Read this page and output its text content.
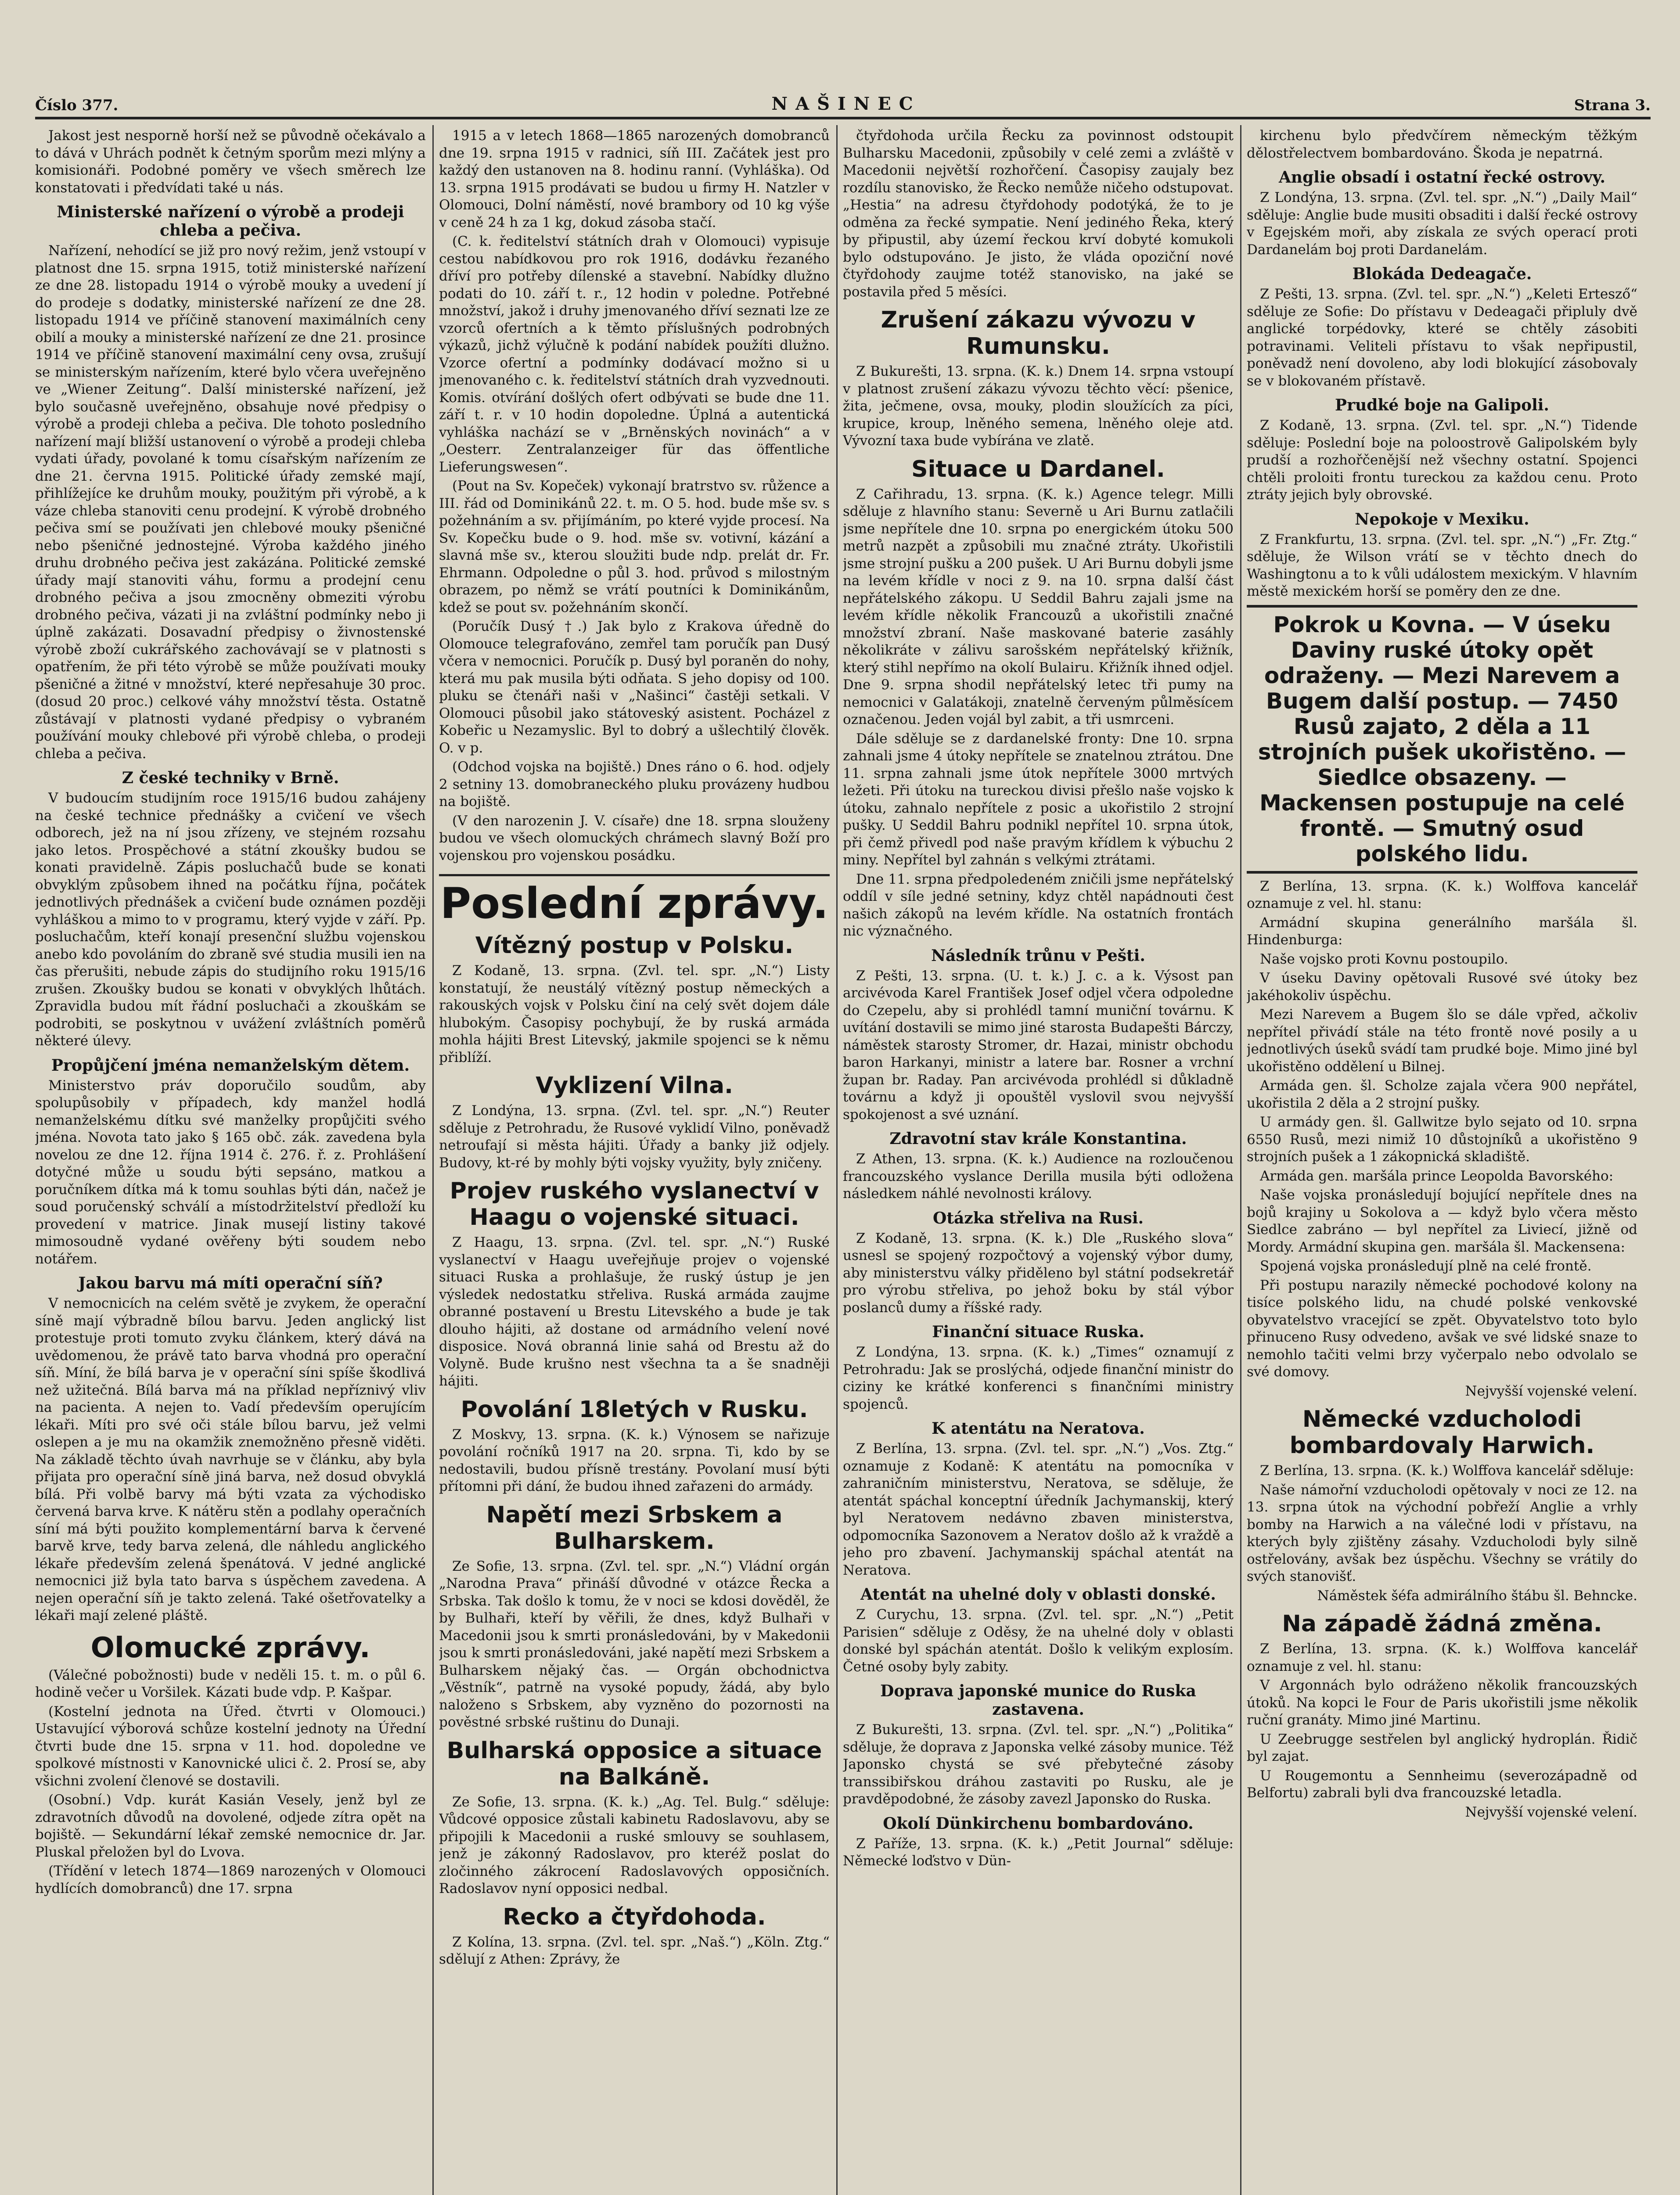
Číslo 377.	NAŠINEC	Strana 3.

Jakost jest nesporně horší než se původně očekávalo a to dává v Uhrách podnět k četným sporům mezi mlýny a komisionáři. Podobné poměry ve všech směrech lze konstatovati i předvídati také u nás.

Ministerské nařízení o výrobě a prodeji chleba a pečiva.

Nařízení, nehodící se již pro nový režim, jenž vstoupí v platnost dne 15. srpna 1915, totiž ministerské nařízení ze dne 28. listopadu 1914 o výrobě mouky a uvedení jí do prodeje s dodatky, ministerské nařízení ze dne 28. listopadu 1914 ve příčině stanovení maximálních ceny obilí a mouky a ministerské nařízení ze dne 21. prosince 1914 ve příčině stanovení maximální ceny ovsa, zrušují se ministerským nařízením, které bylo včera uveřejněno ve „Wiener Zeitung“. Další ministerské nařízení, jež bylo současně uveřejněno, obsahuje nové předpisy o výrobě a prodeji chleba a pečiva. Dle tohoto posledního nařízení mají bližší ustanovení o výrobě a prodeji chleba vydati úřady, povolané k tomu císařským nařízením ze dne 21. června 1915. Politické úřady zemské mají, přihlížejíce ke druhům mouky, použitým při výrobě, a k váze chleba stanoviti cenu prodejní. K výrobě drobného pečiva smí se používati jen chlebové mouky pšeničné nebo pšeničné jednostejné. Výroba každého jiného druhu drobného pečiva jest zakázána. Politické zemské úřady mají stanoviti váhu, formu a prodejní cenu drobného pečiva a jsou zmocněny obmeziti výrobu drobného pečiva, vázati ji na zvláštní podmínky nebo ji úplně zakázati. Dosavadní předpisy o živnostenské výrobě zboží cukrářského zachovávají se v platnosti s opatřením, že při této výrobě se může používati mouky pšeničné a žitné v množství, které nepřesahuje 30 proc. (dosud 20 proc.) celkové váhy množství těsta. Ostatně zůstávají v platnosti vydané předpisy o vybraném používání mouky chlebové při výrobě chleba, o prodeji chleba a pečiva.

Z české techniky v Brně.

V budoucím studijním roce 1915/16 budou zahájeny na české technice přednášky a cvičení ve všech odborech, jež na ní jsou zřízeny, ve stejném rozsahu jako letos. Prospěchové a státní zkoušky budou se konati pravidelně. Zápis posluchačů bude se konati obvyklým způsobem ihned na počátku října, počátek jednotlivých přednášek a cvičení bude oznámen později vyhláškou a mimo to v programu, který vyjde v září. Pp. posluchačům, kteří konají presenční službu vojenskou anebo kdo povoláním do zbraně své studia musili ien na čas přerušiti, nebude zápis do studijního roku 1915/16 zrušen. Zkoušky budou se konati v obvyklých lhůtách. Zpravidla budou mít řádní posluchači a zkouškám se podrobiti, se poskytnou v uvážení zvláštních poměrů některé úlevy.

Propůjčení jména nemanželským dětem.

Ministerstvo práv doporučilo soudům, aby spolupůsobily v případech, kdy manžel hodlá nemanželskému dítku své manželky propůjčiti svého jména. Novota tato jako § 165 obč. zák. zavedena byla novelou ze dne 12. října 1914 č. 276. ř. z. Prohlášení dotyčné může u soudu býti sepsáno, matkou a poručníkem dítka má k tomu souhlas býti dán, načež je soud poručenský schválí a místodržitelství předloží ku provedení v matrice. Jinak musejí listiny takové mimosoudně vydané ověřeny býti soudem nebo notářem.

Jakou barvu má míti operační síň?

V nemocnicích na celém světě je zvykem, že operační síně mají výbradně bílou barvu. Jeden anglický list protestuje proti tomuto zvyku článkem, který dává na uvědomenou, že právě tato barva vhodná pro operační síň. Míní, že bílá barva je v operační síni spíše škodlivá než užitečná. Bílá barva má na příklad nepříznivý vliv na pacienta. A nejen to. Vadí především operujícím lékaři. Míti pro své oči stále bílou barvu, jež velmi oslepen a je mu na okamžik znemožněno přesně viděti. Na základě těchto úvah navrhuje se v článku, aby byla přijata pro operační síně jiná barva, než dosud obvyklá bílá. Při volbě barvy má býti vzata za východisko červená barva krve. K nátěru stěn a podlahy operačních síní má býti použito komplementární barva k červené barvě krve, tedy barva zelená, dle náhledu anglického lékaře především zelená špenátová. V jedné anglické nemocnici již byla tato barva s úspěchem zavedena. A nejen operační síň je takto zelená. Také ošetřovatelky a lékaři mají zelené pláště.

Olomucké zprávy.

(Válečné pobožnosti) bude v neděli 15. t. m. o půl 6. hodině večer u Voršilek. Kázati bude vdp. P. Kašpar.

(Kostelní jednota na Úřed. čtvrti v Olomouci.) Ustavující výborová schůze kostelní jednoty na Úřední čtvrti bude dne 15. srpna v 11. hod. dopoledne ve spolkové místnosti v Kanovnické ulici č. 2. Prosí se, aby všichni zvolení členové se dostavili.

(Osobní.) Vdp. kurát Kasián Vesely, jenž byl ze zdravotních důvodů na dovolené, odjede zítra opět na bojiště. — Sekundární lékař zemské nemocnice dr. Jar. Pluskal přeložen byl do Lvova.

(Třídění v letech 1874—1869 narozených v Olomouci hydlících domobranců) dne 17. srpna

1915 a v letech 1868—1865 narozených domobranců dne 19. srpna 1915 v radnici, síň III. Začátek jest pro každý den ustanoven na 8. hodinu ranní. (Vyhláška). Od 13. srpna 1915 prodávati se budou u firmy H. Natzler v Olomouci, Dolní náměstí, nové brambory od 10 kg výše v ceně 24 h za 1 kg, dokud zásoba stačí.

(C. k. ředitelství státních drah v Olomouci) vypisuje cestou nabídkovou pro rok 1916, dodávku řezaného dříví pro potřeby dílenské a stavební. Nabídky dlužno podati do 10. září t. r., 12 hodin v poledne. Potřebné množství, jakož i druhy jmenovaného dříví seznati lze ze vzorců ofertních a k těmto příslušných podrobných výkazů, jichž výlučně k podání nabídek použíti dlužno. Vzorce ofertní a podmínky dodávací možno si u jmenovaného c. k. ředitelství státních drah vyzvednouti. Komis. otvírání došlých ofert odbývati se bude dne 11. září t. r. v 10 hodin dopoledne. Úplná a autentická vyhláška nachází se v „Brněnských novinách“ a v „Oesterr. Zentralanzeiger für das öffentliche Lieferungswesen“.

(Pout na Sv. Kopeček) vykonají bratrstvo sv. růžence a III. řád od Dominikánů 22. t. m. O 5. hod. bude mše sv. s požehnáním a sv. přijímáním, po které vyjde procesí. Na Sv. Kopečku bude o 9. hod. mše sv. votivní, kázání a slavná mše sv., kterou sloužiti bude ndp. prelát dr. Fr. Ehrmann. Odpoledne o půl 3. hod. průvod s milostným obrazem, po němž se vrátí poutníci k Dominikánům, kdež se pout sv. požehnáním skončí.

(Poručík Dusý †.) Jak bylo z Krakova úředně do Olomouce telegrafováno, zemřel tam poručík pan Dusý včera v nemocnici. Poručík p. Dusý byl poraněn do nohy, která mu pak musila býti odňata. S jeho dopisy od 100. pluku se čtenáři naši v „Našinci“ častěji setkali. V Olomouci působil jako státoveský asistent. Pocházel z Kobeřic u Nezamyslic. Byl to dobrý a ušlechtilý člověk. O. v p.

(Odchod vojska na bojiště.) Dnes ráno o 6. hod. odjely 2 setniny 13. domobraneckého pluku provázeny hudbou na bojiště.

(V den narozenin J. V. císaře) dne 18. srpna slouženy budou ve všech olomuckých chrámech slavný Boží pro vojenskou pro vojenskou posádku.

Poslední zprávy.

Vítězný postup v Polsku.

Z Kodaně, 13. srpna. (Zvl. tel. spr. „N.“) Listy konstatují, že neustálý vítězný postup německých a rakouských vojsk v Polsku činí na celý svět dojem dále hlubokým. Časopisy pochybují, že by ruská armáda mohla hájiti Brest Litevský, jakmile spojenci se k němu přiblíží.

Vyklizení Vilna.

Z Londýna, 13. srpna. (Zvl. tel. spr. „N.“) Reuter sděluje z Petrohradu, že Rusové vyklidí Vilno, poněvadž netroufají si města hájiti. Úřady a banky již odjely. Budovy, kt-ré by mohly býti vojsky využity, byly zničeny.

Projev ruského vyslanectví v Haagu o vojenské situaci.

Z Haagu, 13. srpna. (Zvl. tel. spr. „N.“) Ruské vyslanectví v Haagu uveřejňuje projev o vojenské situaci Ruska a prohlašuje, že ruský ústup je jen výsledek nedostatku střeliva. Ruská armáda zaujme obranné postavení u Brestu Litevského a bude je tak dlouho hájiti, až dostane od armádního velení nové disposice. Nová obranná linie sahá od Brestu až do Volyně. Bude krušno nest všechna ta a še snadněji hájiti.

Povolání 18letých v Rusku.

Z Moskvy, 13. srpna. (K. k.) Výnosem se nařizuje povolání ročníků 1917 na 20. srpna. Ti, kdo by se nedostavili, budou přísně trestány. Povolaní musí býti přítomni při dání, že budou ihned zařazeni do armády.

Napětí mezi Srbskem a Bulharskem.

Ze Sofie, 13. srpna. (Zvl. tel. spr. „N.“) Vládní orgán „Narodna Prava“ přináší důvodné v otázce Řecka a Srbska. Tak došlo k tomu, že v noci se kdosi dověděl, že by Bulhaři, kteří by věřili, že dnes, když Bulhaři v Macedonii jsou k smrti pronásledováni, by v Makedonii jsou k smrti pronásledováni, jaké napětí mezi Srbskem a Bulharskem nějaký čas. — Orgán obchodnictva „Věstník“, patrně na vysoké popudy, žádá, aby bylo naloženo s Srbskem, aby vyzněno do pozornosti na pověstné srbské ruštinu do Dunaji.

Bulharská opposice a situace na Balkáně.

Ze Sofie, 13. srpna. (K. k.) „Ag. Tel. Bulg.“ sděluje: Vůdcové opposice zůstali kabinetu Radoslavovu, aby se připojili k Macedonii a ruské smlouvy se souhlasem, jenž je zákonný Radoslavov, pro kteréž poslat do zločinného zákrocení Radoslavových opposičních. Radoslavov nyní opposici nedbal.

Recko a čtyřdohoda.

Z Kolína, 13. srpna. (Zvl. tel. spr. „Naš.“) „Köln. Ztg.“ sdělují z Athen: Zprávy, že

čtyřdohoda určila Řecku za povinnost odstoupit Bulharsku Macedonii, způsobily v celé zemi a zvláště v Macedonii největší rozhořčení. Časopisy zaujaly bez rozdílu stanovisko, že Řecko nemůže ničeho odstupovat. „Hestia“ na adresu čtyřdohody podotýká, že to je odměna za řecké sympatie. Není jediného Řeka, který by připustil, aby území řeckou krví dobyté komukoli bylo odstupováno. Je jisto, že vláda opoziční nové čtyřdohody zaujme totéž stanovisko, na jaké se postavila před 5 měsíci.

Zrušení zákazu vývozu v Rumunsku.

Z Bukurešti, 13. srpna. (K. k.) Dnem 14. srpna vstoupí v platnost zrušení zákazu vývozu těchto věcí: pšenice, žita, ječmene, ovsa, mouky, plodin sloužících za píci, krupice, kroup, lněného semena, lněného oleje atd. Vývozní taxa bude vybírána ve zlatě.

Situace u Dardanel.

Z Cařihradu, 13. srpna. (K. k.) Agence telegr. Milli sděluje z hlavního stanu: Severně u Ari Burnu zatlačili jsme nepřítele dne 10. srpna po energickém útoku 500 metrů nazpět a způsobili mu značné ztráty. Ukořistili jsme strojní pušku a 200 pušek. U Ari Burnu dobyli jsme na levém křídle v noci z 9. na 10. srpna další část nepřátelského zákopu. U Seddil Bahru zajali jsme na levém křídle několik Francouzů a ukořistili značné množství zbraní. Naše maskované baterie zasáhly několikráte v zálivu sarošském nepřátelský křižník, který stihl nepřímo na okolí Bulairu. Křižník ihned odjel. Dne 9. srpna shodil nepřátelský letec tři pumy na nemocnici v Galatákoji, znatelně červeným půlměsícem označenou. Jeden vojál byl zabit, a tři usmrceni.

Dále sděluje se z dardanelské fronty: Dne 10. srpna zahnali jsme 4 útoky nepřítele se znatelnou ztrátou. Dne 11. srpna zahnali jsme útok nepřítele 3000 mrtvých ležeti. Při útoku na tureckou divisi přešlo naše vojsko k útoku, zahnalo nepřítele z posic a ukořistilo 2 strojní pušky. U Seddil Bahru podnikl nepřítel 10. srpna útok, při čemž přivedl pod naše pravým křídlem k výbuchu 2 miny. Nepřítel byl zahnán s velkými ztrátami.

Dne 11. srpna předpoledeném zničili jsme nepřátelský oddíl v síle jedné setniny, kdyz chtěl napádnouti čest našich zákopů na levém křídle. Na ostatních frontách nic význačného.

Následník trůnu v Pešti.

Z Pešti, 13. srpna. (U. t. k.) J. c. a k. Výsost pan arcivévoda Karel František Josef odjel včera odpoledne do Czepelu, aby si prohlédl tamní muniční továrnu. K uvítání dostavili se mimo jiné starosta Budapešti Bárczy, náměstek starosty Stromer, dr. Hazai, ministr obchodu baron Harkanyi, ministr a latere bar. Rosner a vrchní župan br. Raday. Pan arcivévoda prohlédl si důkladně továrnu a když ji opouštěl vyslovil svou nejvyšší spokojenost a své uznání.

Zdravotní stav krále Konstantina.

Z Athen, 13. srpna. (K. k.) Audience na rozloučenou francouzského vyslance Derilla musila býti odložena následkem náhlé nevolnosti královy.

Otázka střeliva na Rusi.

Z Kodaně, 13. srpna. (K. k.) Dle „Ruského slova“ usnesl se spojený rozpočtový a vojenský výbor dumy, aby ministerstvu války přiděleno byl státní podsekretář pro výrobu střeliva, po jehož boku by stál výbor poslanců dumy a říšské rady.

Finanční situace Ruska.

Z Londýna, 13. srpna. (K. k.) „Times“ oznamují z Petrohradu: Jak se proslýchá, odjede finanční ministr do ciziny ke krátké konferenci s finančními ministry spojenců.

K atentátu na Neratova.

Z Berlína, 13. srpna. (Zvl. tel. spr. „N.“) „Vos. Ztg.“ oznamuje z Kodaně: K atentátu na pomocníka v zahraničním ministerstvu, Neratova, se sděluje, že atentát spáchal konceptní úředník Jachymanskij, který byl Neratovem nedávno zbaven ministerstva, odpomocníka Sazonovem a Neratov došlo až k vraždě a jeho pro zbavení. Jachymanskij spáchal atentát na Neratova.

Atentát na uhelné doly v oblasti donské.

Z Curychu, 13. srpna. (Zvl. tel. spr. „N.“) „Petit Parisien“ sděluje z Oděsy, že na uhelné doly v oblasti donské byl spáchán atentát. Došlo k velikým explosím. Četné osoby byly zabity.

Doprava japonské munice do Ruska zastavena.

Z Bukurešti, 13. srpna. (Zvl. tel. spr. „N.“) „Politika“ sděluje, že doprava z Japonska velké zásoby munice. Též Japonsko chystá se své přebytečné zásoby transsibiřskou dráhou zastaviti po Rusku, ale je pravděpodobné, že zásoby zavezl Japonsko do Ruska.

Okolí Dünkirchenu bombardováno.

Z Paříže, 13. srpna. (K. k.) „Petit Journal“ sděluje: Německé loďstvo v Dün-

kirchenu bylo předvčírem německým těžkým dělostřelectvem bombardováno. Škoda je nepatrná.

Anglie obsadí i ostatní řecké ostrovy.

Z Londýna, 13. srpna. (Zvl. tel. spr. „N.“) „Daily Mail“ sděluje: Anglie bude musiti obsaditi i další řecké ostrovy v Egejském moři, aby získala ze svých operací proti Dardanelám boj proti Dardanelám.

Blokáda Dedeagače.

Z Pešti, 13. srpna. (Zvl. tel. spr. „N.“) „Keleti Ertesző“ sděluje ze Sofie: Do přístavu v Dedeagači připluly dvě anglické torpédovky, které se chtěly zásobiti potravinami. Veliteli přístavu to však nepřipustil, poněvadž není dovoleno, aby lodi blokující zásobovaly se v blokovaném přístavě.

Prudké boje na Galipoli.

Z Kodaně, 13. srpna. (Zvl. tel. spr. „N.“) Tidende sděluje: Poslední boje na poloostrově Galipolském byly prudší a rozhořčenější než všechny ostatní. Spojenci chtěli proloiti frontu tureckou za každou cenu. Proto ztráty jejich byly obrovské.

Nepokoje v Mexiku.

Z Frankfurtu, 13. srpna. (Zvl. tel. spr. „N.“) „Fr. Ztg.“ sděluje, že Wilson vrátí se v těchto dnech do Washingtonu a to k vůli událostem mexickým. V hlavním městě mexickém horší se poměry den ze dne.

Pokrok u Kovna. — V úseku Daviny ruské útoky opět odraženy. — Mezi Narevem a Bugem další postup. — 7450 Rusů zajato, 2 děla a 11 strojních pušek ukořistěno. — Siedlce obsazeny. — Mackensen postupuje na celé frontě. — Smutný osud polského lidu.

Z Berlína, 13. srpna. (K. k.) Wolffova kancelář oznamuje z vel. hl. stanu:

Armádní skupina generálního maršála šl. Hindenburga:

Naše vojsko proti Kovnu postoupilo.

V úseku Daviny opětovali Rusové své útoky bez jakéhokoliv úspěchu.

Mezi Narevem a Bugem šlo se dále vpřed, ačkoliv nepřítel přivádí stále na této frontě nové posily a u jednotlivých úseků svádí tam prudké boje. Mimo jiné byl ukořistěno oddělení u Bilnej.

Armáda gen. šl. Scholze zajala včera 900 nepřátel, ukořistila 2 děla a 2 strojní pušky.

U armády gen. šl. Gallwitze bylo sejato od 10. srpna 6550 Rusů, mezi nimiž 10 důstojníků a ukořistěno 9 strojních pušek a 1 zákopnická skladiště.

Armáda gen. maršála prince Leopolda Bavorského:

Naše vojska pronásledují bojující nepřítele dnes na bojů krajiny u Sokolova a — když bylo včera město Siedlce zabráno — byl nepřítel za Liviecí, jižně od Mordy. Armádní skupina gen. maršála šl. Mackensena:

Spojená vojska pronásledují plně na celé frontě.

Při postupu narazily německé pochodové kolony na tisíce polského lidu, na chudé polské venkovské obyvatelstvo vracející se zpět. Obyvatelstvo toto bylo přinuceno Rusy odvedeno, avšak ve své lidské snaze to nemohlo tačiti velmi brzy vyčerpalo nebo odvolalo se své domovy.

Nejvyšší vojenské velení.

Německé vzducholodi bombardovaly Harwich.

Z Berlína, 13. srpna. (K. k.) Wolffova kancelář sděluje:

Naše námořní vzducholodi opětovaly v noci ze 12. na 13. srpna útok na východní pobřeží Anglie a vrhly bomby na Harwich a na válečné lodi v přístavu, na kterých byly zjištěny zásahy. Vzducholodi byly silně ostřelovány, avšak bez úspěchu. Všechny se vrátily do svých stanovišť.

Náměstek šéfa admirálního štábu šl. Behncke.

Na západě žádná změna.

Z Berlína, 13. srpna. (K. k.) Wolffova kancelář oznamuje z vel. hl. stanu:

V Argonnách bylo odráženo několik francouzských útoků. Na kopci le Four de Paris ukořistili jsme několik ruční granáty. Mimo jiné Martinu.

U Zeebrugge sestřelen byl anglický hydroplán. Řidič byl zajat.

U Rougemontu a Sennheimu (severozápadně od Belfortu) zabrali byli dva francouzské letadla.

Nejvyšší vojenské velení.
